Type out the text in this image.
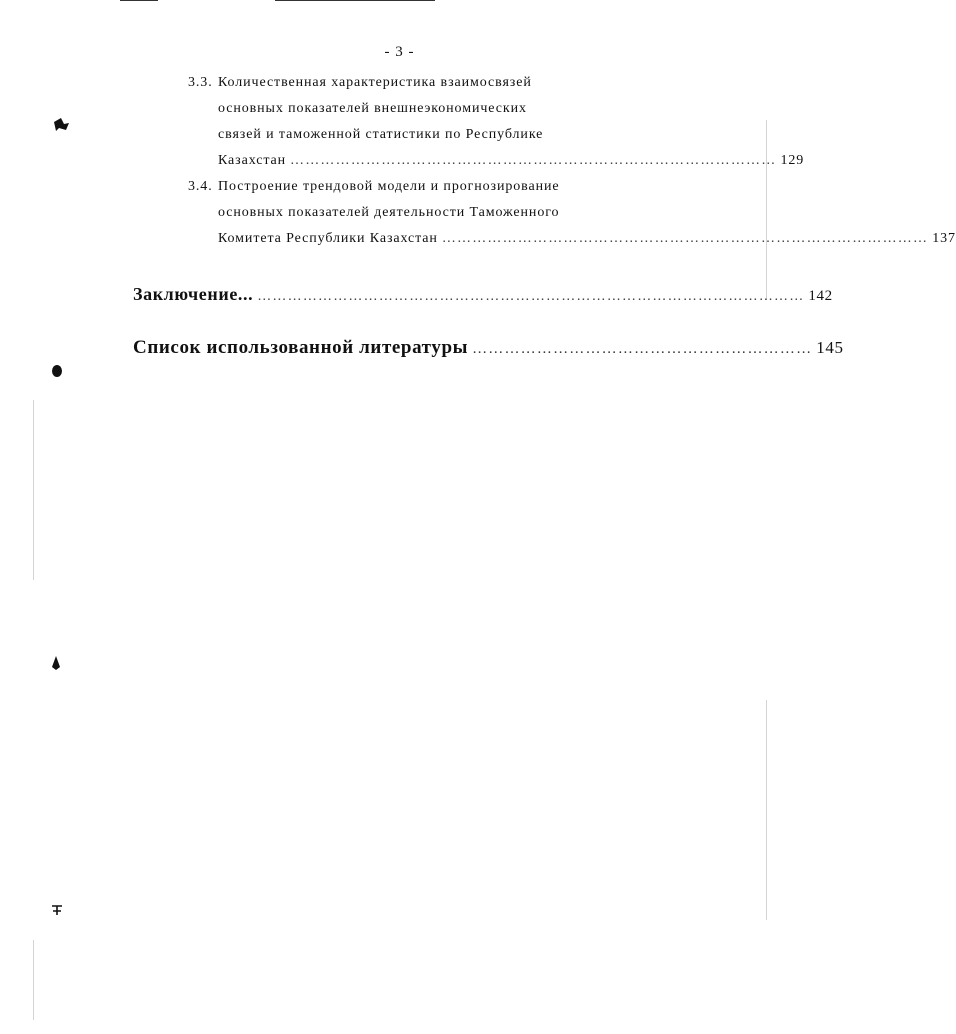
- 3 -
3.3. Количественная характеристика взаимосвязей
основных показателей внешнеэкономических
связей и таможенной статистики по Республике
Казахстан …………………………………………………………………………………… 129
3.4. Построение трендовой модели и прогнозирование
основных показателей деятельности Таможенного
Комитета Республики Казахстан …………………………………………………………………………………… 137
Заключение... ……………………………………………………………………………………………… 142
Список использованной литературы ……………………………………………………… 145
